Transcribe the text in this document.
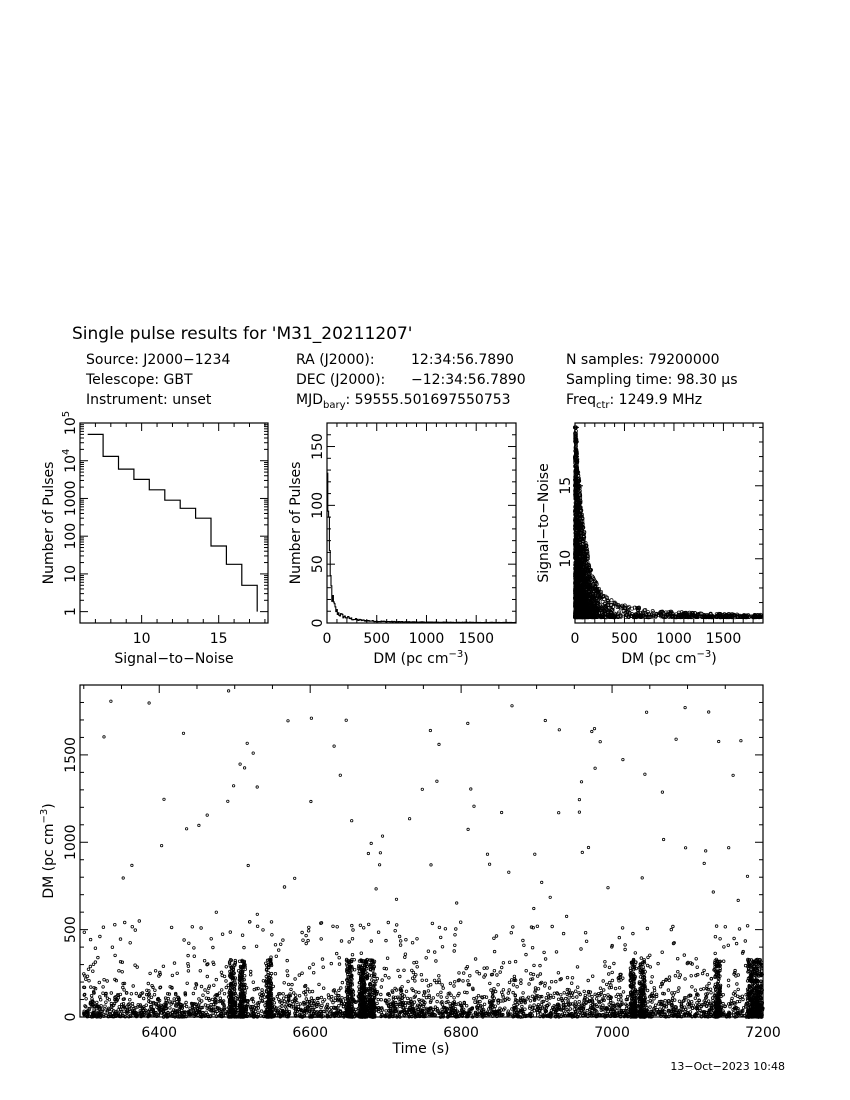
Single pulse results for 'M31_20211207'
Source: J2000−1234
Telescope: GBT
Instrument: unset
RA (J2000):	12:34:56.7890
DEC (J2000): −12:34:56.7890
$MJD_{bary}$: 59555.501697550753
N samples: 79200000
Sampling time: 98.30 μs
Freq$_{ctr}$: 1249.9 MHz
10	15
1
10
100
1000
$10^4$
$10^5$
Signal−to−Noise
Number of Pulses
0 500 1000 1500
0
50
100
150
DM (pc $cm^{-3}$)
Number of Pulses
0 500 1000 1500
10
15
DM (pc $cm^{-3}$)
Signal−to−Noise
6400	6600	6800	7000	7200
0
500
1000
1500
Time (s)
DM (pc $cm^{-3}$)
13−Oct−2023 10:48
